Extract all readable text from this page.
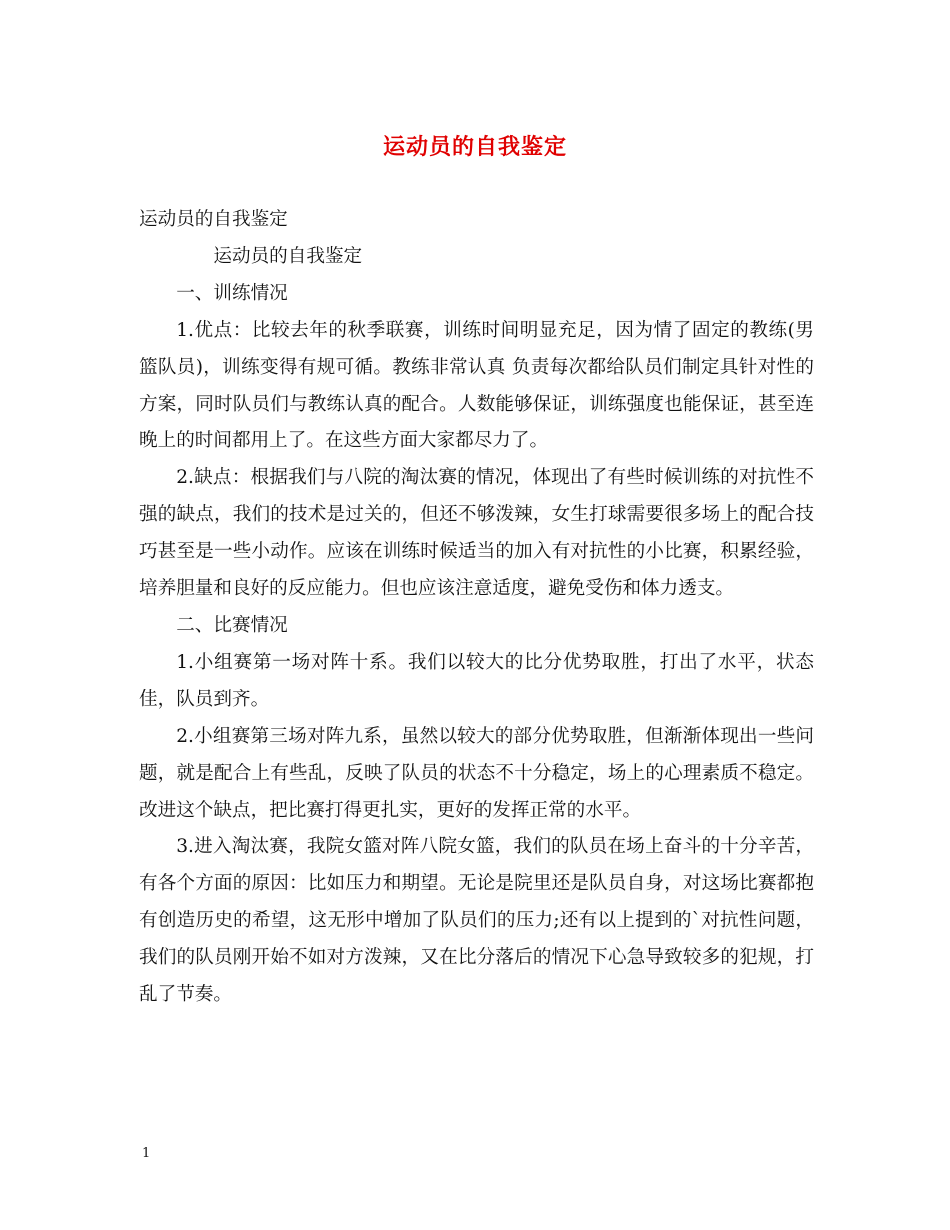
运动员的自我鉴定

运动员的自我鉴定

运动员的自我鉴定

一、训练情况

1.优点：比较去年的秋季联赛，训练时间明显充足，因为情了固定的教练(男篮队员)，训练变得有规可循。教练非常认真 负责每次都给队员们制定具针对性的方案，同时队员们与教练认真的配合。人数能够保证，训练强度也能保证，甚至连晚上的时间都用上了。在这些方面大家都尽力了。

2.缺点：根据我们与八院的淘汰赛的情况，体现出了有些时候训练的对抗性不强的缺点，我们的技术是过关的，但还不够泼辣，女生打球需要很多场上的配合技巧甚至是一些小动作。应该在训练时候适当的加入有对抗性的小比赛，积累经验，培养胆量和良好的反应能力。但也应该注意适度，避免受伤和体力透支。

二、比赛情况

1.小组赛第一场对阵十系。我们以较大的比分优势取胜，打出了水平，状态佳，队员到齐。

2.小组赛第三场对阵九系，虽然以较大的部分优势取胜，但渐渐体现出一些问题，就是配合上有些乱，反映了队员的状态不十分稳定，场上的心理素质不稳定。改进这个缺点，把比赛打得更扎实，更好的发挥正常的水平。

3.进入淘汰赛，我院女篮对阵八院女篮，我们的队员在场上奋斗的十分辛苦，有各个方面的原因：比如压力和期望。无论是院里还是队员自身，对这场比赛都抱有创造历史的希望，这无形中增加了队员们的压力;还有以上提到的`对抗性问题，我们的队员刚开始不如对方泼辣，又在比分落后的情况下心急导致较多的犯规，打乱了节奏。

1
